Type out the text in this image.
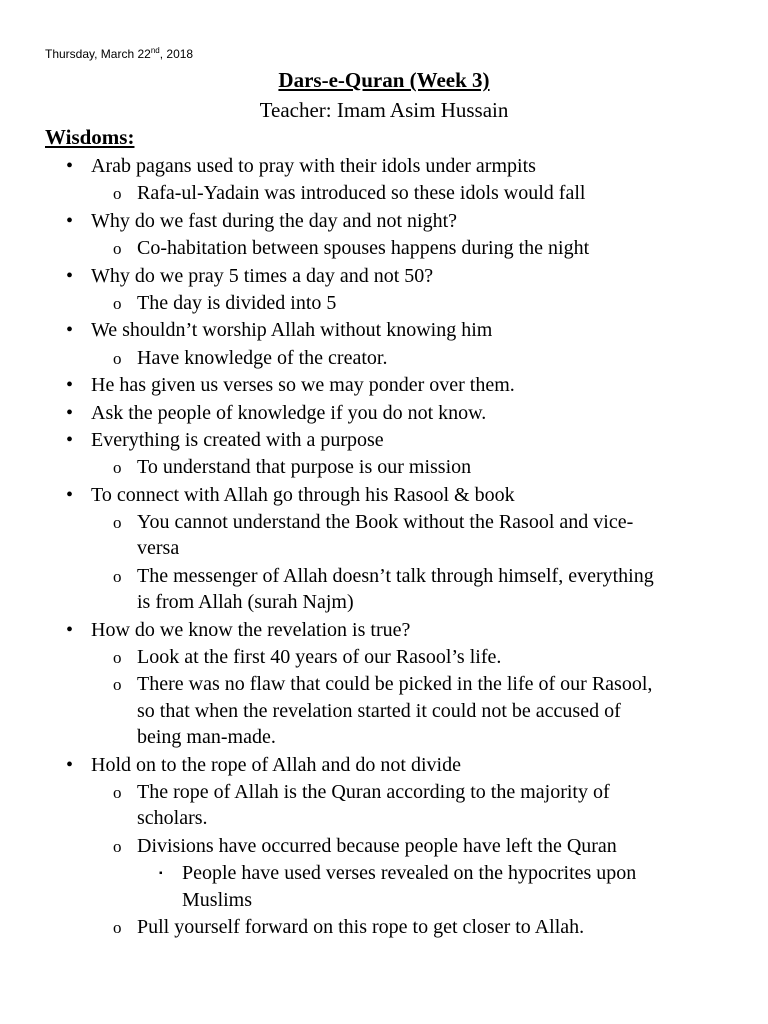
Thursday, March 22nd, 2018
Dars-e-Quran (Week 3)
Teacher: Imam Asim Hussain
Wisdoms:
• Arab pagans used to pray with their idols under armpits
o Rafa-ul-Yadain was introduced so these idols would fall
• Why do we fast during the day and not night?
o Co-habitation between spouses happens during the night
• Why do we pray 5 times a day and not 50?
o The day is divided into 5
• We shouldn’t worship Allah without knowing him
o Have knowledge of the creator.
• He has given us verses so we may ponder over them.
• Ask the people of knowledge if you do not know.
• Everything is created with a purpose
o To understand that purpose is our mission
• To connect with Allah go through his Rasool & book
o You cannot understand the Book without the Rasool and vice-
versa
o The messenger of Allah doesn’t talk through himself, everything
is from Allah (surah Najm)
• How do we know the revelation is true?
o Look at the first 40 years of our Rasool’s life.
o There was no flaw that could be picked in the life of our Rasool,
so that when the revelation started it could not be accused of
being man-made.
• Hold on to the rope of Allah and do not divide
o The rope of Allah is the Quran according to the majority of
scholars.
o Divisions have occurred because people have left the Quran
▪ People have used verses revealed on the hypocrites upon
Muslims
o Pull yourself forward on this rope to get closer to Allah.
